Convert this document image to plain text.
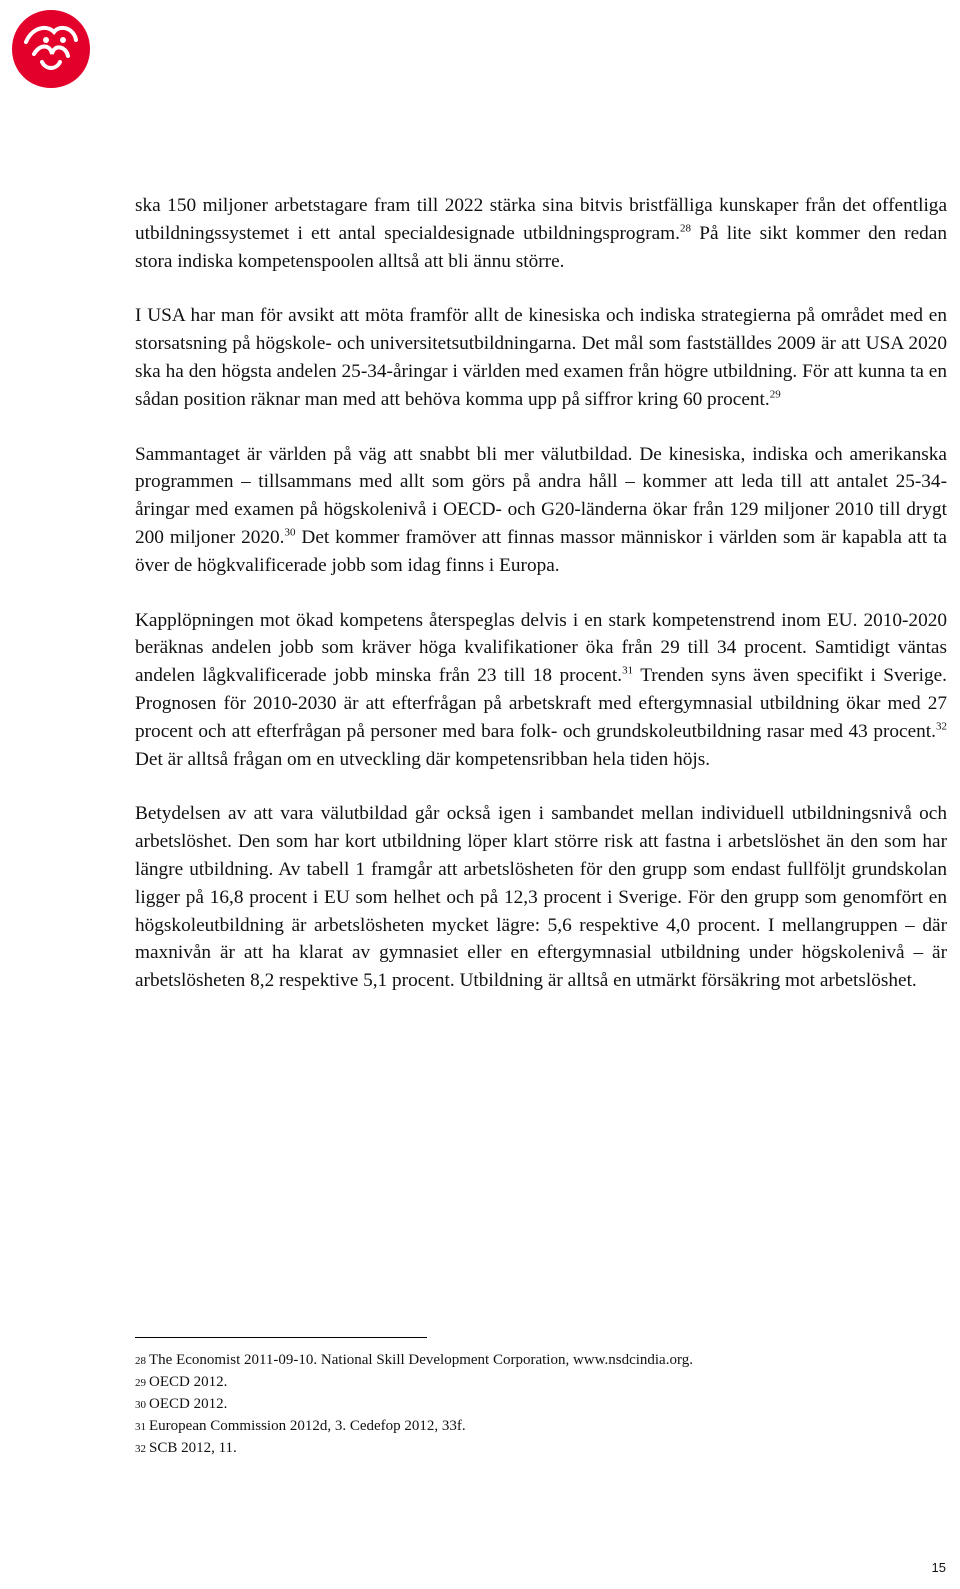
ska 150 miljoner arbetstagare fram till 2022 stärka sina bitvis bristfälliga kunskaper från det offentliga utbildningssystemet i ett antal specialdesignade utbildningsprogram.$^{28}$ På lite sikt kommer den redan stora indiska kompetenspoolen alltså att bli ännu större.

I USA har man för avsikt att möta framför allt de kinesiska och indiska strategierna på området med en storsatsning på högskole- och universitetsutbildningarna. Det mål som fastställdes 2009 är att USA 2020 ska ha den högsta andelen 25-34-åringar i världen med examen från högre utbildning. För att kunna ta en sådan position räknar man med att behöva komma upp på siffror kring 60 procent.$^{29}$

Sammantaget är världen på väg att snabbt bli mer välutbildad. De kinesiska, indiska och amerikanska programmen – tillsammans med allt som görs på andra håll – kommer att leda till att antalet 25-34-åringar med examen på högskolenivå i OECD- och G20-länderna ökar från 129 miljoner 2010 till drygt 200 miljoner 2020.30 Det kommer framöver att finnas massor människor i världen som är kapabla att ta över de högkvalificerade jobb som idag finns i Europa.

Kapplöpningen mot ökad kompetens återspeglas delvis i en stark kompetenstrend inom EU. 2010-2020 beräknas andelen jobb som kräver höga kvalifikationer öka från 29 till 34 procent. Samtidigt väntas andelen lågkvalificerade jobb minska från 23 till 18 procent.$^{31}$ Trenden syns även specifikt i Sverige. Prognosen för 2010-2030 är att efterfrågan på arbetskraft med eftergymnasial utbildning ökar med 27 procent och att efterfrågan på personer med bara folk- och grundskoleutbildning rasar med 43 procent.$^{32}$ Det är alltså frågan om en utveckling där kompetensribban hela tiden höjs.

Betydelsen av att vara välutbildad går också igen i sambandet mellan individuell utbildningsnivå och arbetslöshet. Den som har kort utbildning löper klart större risk att fastna i arbetslöshet än den som har längre utbildning. Av tabell 1 framgår att arbetslösheten för den grupp som endast fullföljt grundskolan ligger på 16,8 procent i EU som helhet och på 12,3 procent i Sverige. För den grupp som genomfört en högskoleutbildning är arbetslösheten mycket lägre: 5,6 respektive 4,0 procent. I mellangruppen – där maxnivån är att ha klarat av gymnasiet eller en eftergymnasial utbildning under högskolenivå – är arbetslösheten 8,2 respektive 5,1 procent. Utbildning är alltså en utmärkt försäkring mot arbetslöshet.

28 The Economist 2011-09-10. National Skill Development Corporation, www.nsdcindia.org.
29 OECD 2012.
30 OECD 2012.
31 European Commission 2012d, 3. Cedefop 2012, 33f.
32 SCB 2012, 11.
15
